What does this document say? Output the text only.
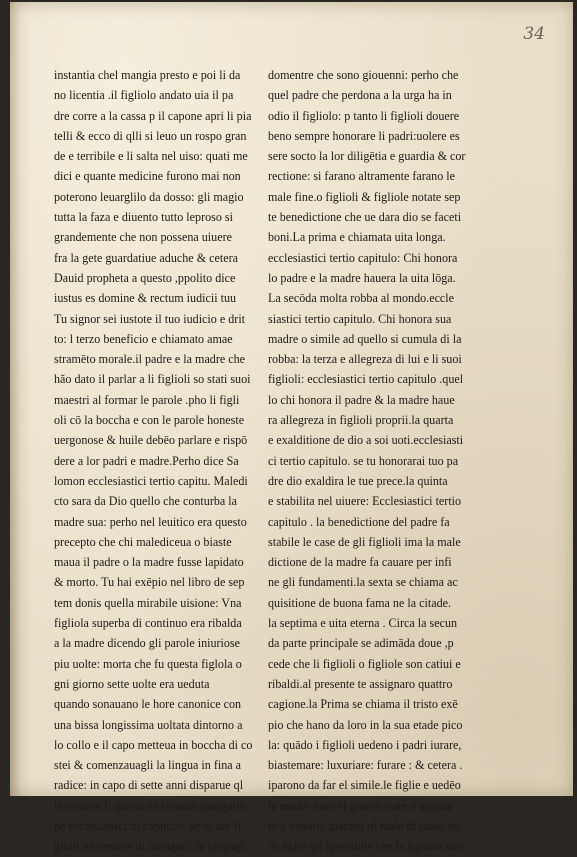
34
instantia chel mangia presto e poi li da
no licentia .il figliolo andato uia il pa
dre corre a la cassa p il capone apri li pia
telli & ecco di qlli si leuo un rospo gran
de e terribile e li salta nel uiso: quati me
dici e quante medicine furono mai non
poterono leuarglilo da dosso: gli magio
tutta la faza e diuento tutto leproso si
grandemente che non possena uiuere
fra la gete guardatiue aduche & cetera
Dauid propheta a questo ,ppolito dice
iustus es domine & rectum iudicii tuu
Tu signor sei iustote il tuo iudicio e drit
to: l terzo beneficio e chiamato amae
stramēto morale.il padre e la madre che
hão dato il parlar a li figlioli so stati suoi
maestri al formar le parole .pho li figli
oli cō la boccha e con le parole honeste
uergonose & huile debēo parlare e rispō
dere a lor padri e madre.Perho dice Sa
lomon ecclesiastici tertio capitu. Maledi
cto sara da Dio quello che conturba la
madre sua: perho nel leuitico era questo
precepto che chi malediceua o biaste
maua il padre o la madre fusse lapidato
& morto. Tu hai exēpio nel libro de sep
tem donis quella mirabile uisione: Vna
figliola superba di continuo era ribalda
a la madre dicendo gli parole iniuriose
piu uolte: morta che fu questa figlola o
gni giorno sette uolte era ueduta
quando sonauano le hore canonice con
una bissa longissima uoltata dintorno a
lo collo e il capo metteua in boccha di co
stei & comenzauagli la lingua in fina a
radice: in capo di sette anni disparue ql
la uisione.Il quarto se chiama castigatio
ne ecclesiastici.iii.capitulo: Se tu hai fi
glioli nō cessare di castigarli & piegagli
domentre che sono giouenni: perho che
quel padre che perdona a la urga ha in
odio il figliolo: p tanto li figlioli douere
beno sempre honorare li padri:uolere es
sere socto la lor diligētia e guardia & cor
rectione: si farano altramente farano le
male fine.o figlioli & figliole notate sep
te benedictione che ue dara dio se faceti
boni.La prima e chiamata uita longa.
ecclesiastici tertio capitulo: Chi honora
lo padre e la madre hauera la uita lōga.
La secōda molta robba al mondo.eccle
siastici tertio capitulo. Chi honora sua
madre o simile ad quello si cumula di la
robba: la terza e allegreza di lui e li suoi
figlioli: ecclesiastici tertio capitulo .quel
lo chi honora il padre & la madre haue
ra allegreza in figlioli proprii.la quarta
e exalditione de dio a soi uoti.ecclesiasti
ci tertio capitulo. se tu honorarai tuo pa
dre dio exaldira le tue prece.la quinta
e stabilita nel uiuere: Ecclesiastici tertio
capitulo . la benedictione del padre fa
stabile le case de gli figlioli ima la male
dictione de la madre fa cauare per infi
ne gli fundamenti.la sexta se chiama ac
quisitione de buona fama ne la citade.
la septima e uita eterna . Circa la secun
da parte principale se adimāda doue ,p
cede che li figlioli o figliole son catiui e
ribaldi.al presente te assignaro quattro
cagione.la Prima se chiama il tristo exē
pio che hano da loro in la sua etade pico
la: quādo i figlioli uedeno i padri iurare,
biastemare: luxuriare: furare : & cetera .
iparono da far el simile.le figlie e uedēo
la madre tutto el giorno stare a uagaza
re a ballare: iparano ql male di saldo.on
de eglie qsi ipossibile che la figliola non
